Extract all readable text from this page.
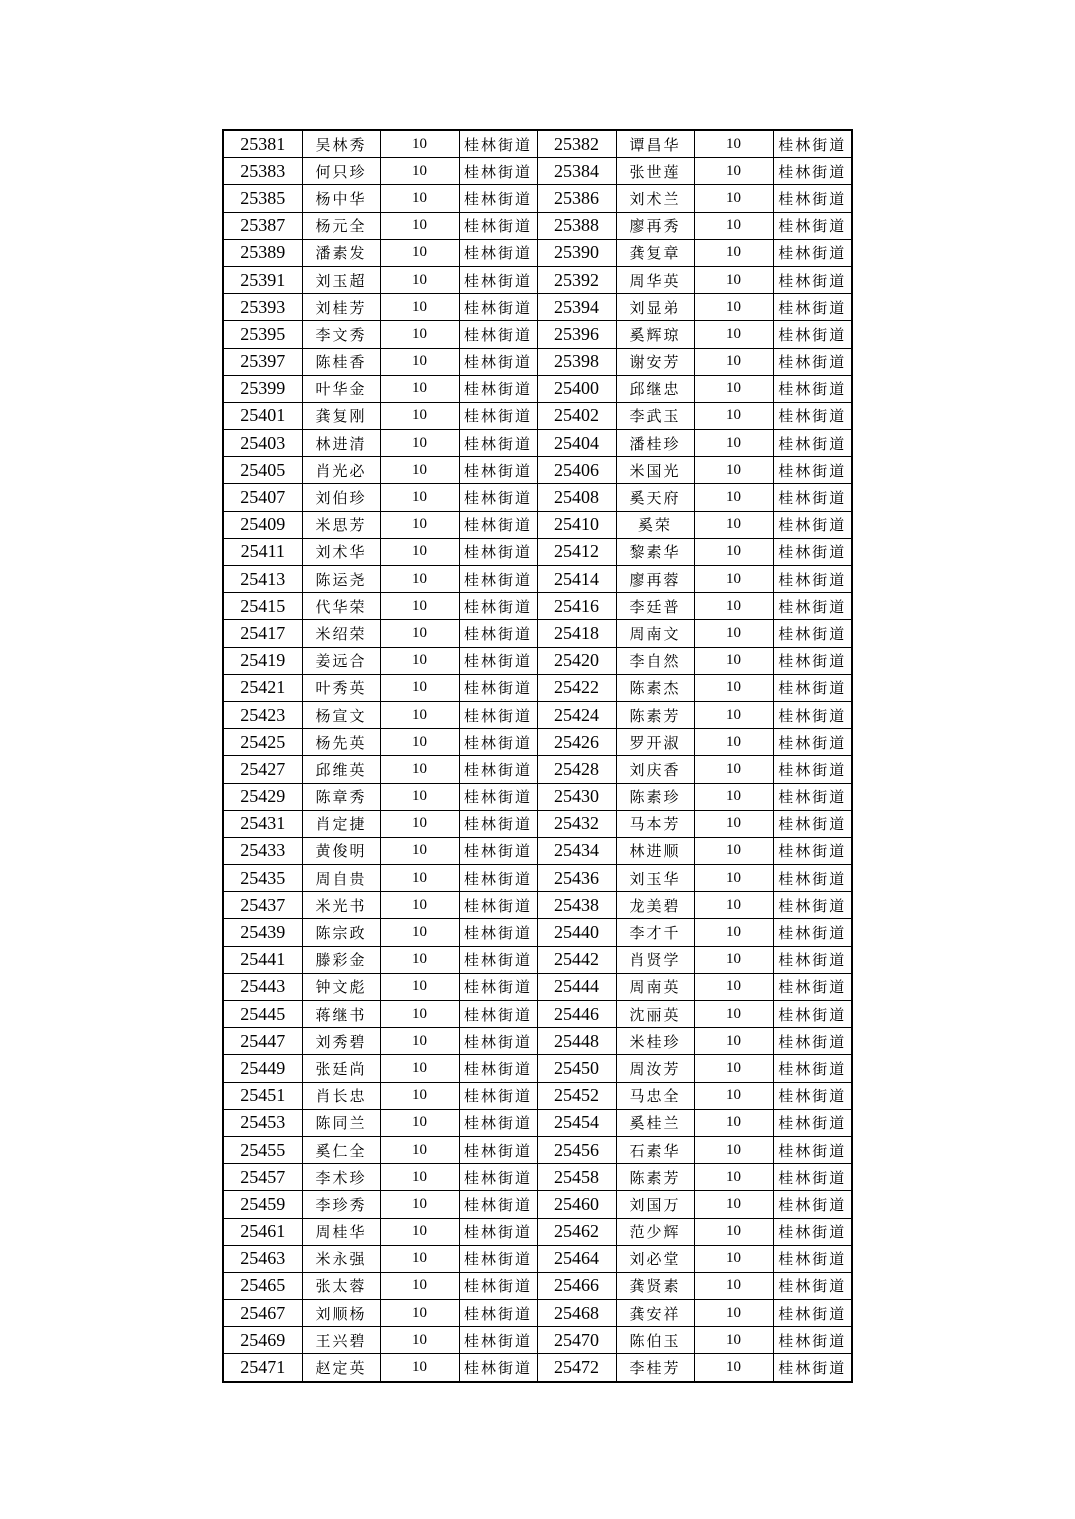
25381	吴林秀	10	桂林街道	25382	谭昌华	10	桂林街道
25383	何只珍	10	桂林街道	25384	张世莲	10	桂林街道
25385	杨中华	10	桂林街道	25386	刘术兰	10	桂林街道
25387	杨元全	10	桂林街道	25388	廖再秀	10	桂林街道
25389	潘素发	10	桂林街道	25390	龚复章	10	桂林街道
25391	刘玉超	10	桂林街道	25392	周华英	10	桂林街道
25393	刘桂芳	10	桂林街道	25394	刘显弟	10	桂林街道
25395	李文秀	10	桂林街道	25396	奚辉琼	10	桂林街道
25397	陈桂香	10	桂林街道	25398	谢安芳	10	桂林街道
25399	叶华金	10	桂林街道	25400	邱继忠	10	桂林街道
25401	龚复刚	10	桂林街道	25402	李武玉	10	桂林街道
25403	林进清	10	桂林街道	25404	潘桂珍	10	桂林街道
25405	肖光必	10	桂林街道	25406	米国光	10	桂林街道
25407	刘伯珍	10	桂林街道	25408	奚天府	10	桂林街道
25409	米思芳	10	桂林街道	25410	奚荣	10	桂林街道
25411	刘术华	10	桂林街道	25412	黎素华	10	桂林街道
25413	陈运尧	10	桂林街道	25414	廖再蓉	10	桂林街道
25415	代华荣	10	桂林街道	25416	李廷普	10	桂林街道
25417	米绍荣	10	桂林街道	25418	周南文	10	桂林街道
25419	姜远合	10	桂林街道	25420	李自然	10	桂林街道
25421	叶秀英	10	桂林街道	25422	陈素杰	10	桂林街道
25423	杨宣文	10	桂林街道	25424	陈素芳	10	桂林街道
25425	杨先英	10	桂林街道	25426	罗开淑	10	桂林街道
25427	邱维英	10	桂林街道	25428	刘庆香	10	桂林街道
25429	陈章秀	10	桂林街道	25430	陈素珍	10	桂林街道
25431	肖定捷	10	桂林街道	25432	马本芳	10	桂林街道
25433	黄俊明	10	桂林街道	25434	林进顺	10	桂林街道
25435	周自贵	10	桂林街道	25436	刘玉华	10	桂林街道
25437	米光书	10	桂林街道	25438	龙美碧	10	桂林街道
25439	陈宗政	10	桂林街道	25440	李才千	10	桂林街道
25441	滕彩金	10	桂林街道	25442	肖贤学	10	桂林街道
25443	钟文彪	10	桂林街道	25444	周南英	10	桂林街道
25445	蒋继书	10	桂林街道	25446	沈丽英	10	桂林街道
25447	刘秀碧	10	桂林街道	25448	米桂珍	10	桂林街道
25449	张廷尚	10	桂林街道	25450	周汝芳	10	桂林街道
25451	肖长忠	10	桂林街道	25452	马忠全	10	桂林街道
25453	陈同兰	10	桂林街道	25454	奚桂兰	10	桂林街道
25455	奚仁全	10	桂林街道	25456	石素华	10	桂林街道
25457	李术珍	10	桂林街道	25458	陈素芳	10	桂林街道
25459	李珍秀	10	桂林街道	25460	刘国万	10	桂林街道
25461	周桂华	10	桂林街道	25462	范少辉	10	桂林街道
25463	米永强	10	桂林街道	25464	刘必堂	10	桂林街道
25465	张太蓉	10	桂林街道	25466	龚贤素	10	桂林街道
25467	刘顺杨	10	桂林街道	25468	龚安祥	10	桂林街道
25469	王兴碧	10	桂林街道	25470	陈伯玉	10	桂林街道
25471	赵定英	10	桂林街道	25472	李桂芳	10	桂林街道
